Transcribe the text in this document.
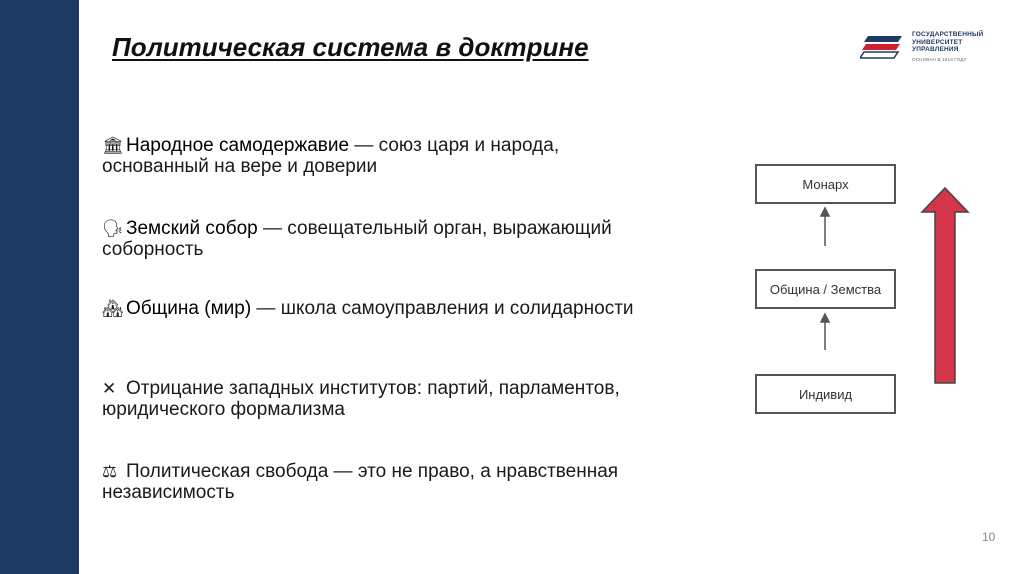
Политическая система в доктрине	ГОСУДАРСТВЕННЫЙ
УНИВЕРСИТЕТ
УПРАВЛЕНИЯ
ОСНОВАН В 1919 ГОДУ

🏛 Народное самодержавие — союз царя и народа, основанный на вере и доверии

🗣 Земский собор — совещательный орган, выражающий соборность

🏘 Община (мир) — школа самоуправления и солидарности

✕ Отрицание западных институтов: партий, парламентов, юридического формализма

⚖ Политическая свобода — это не право, а нравственная независимость

Монарх
Община / Земства
Индивид
10
